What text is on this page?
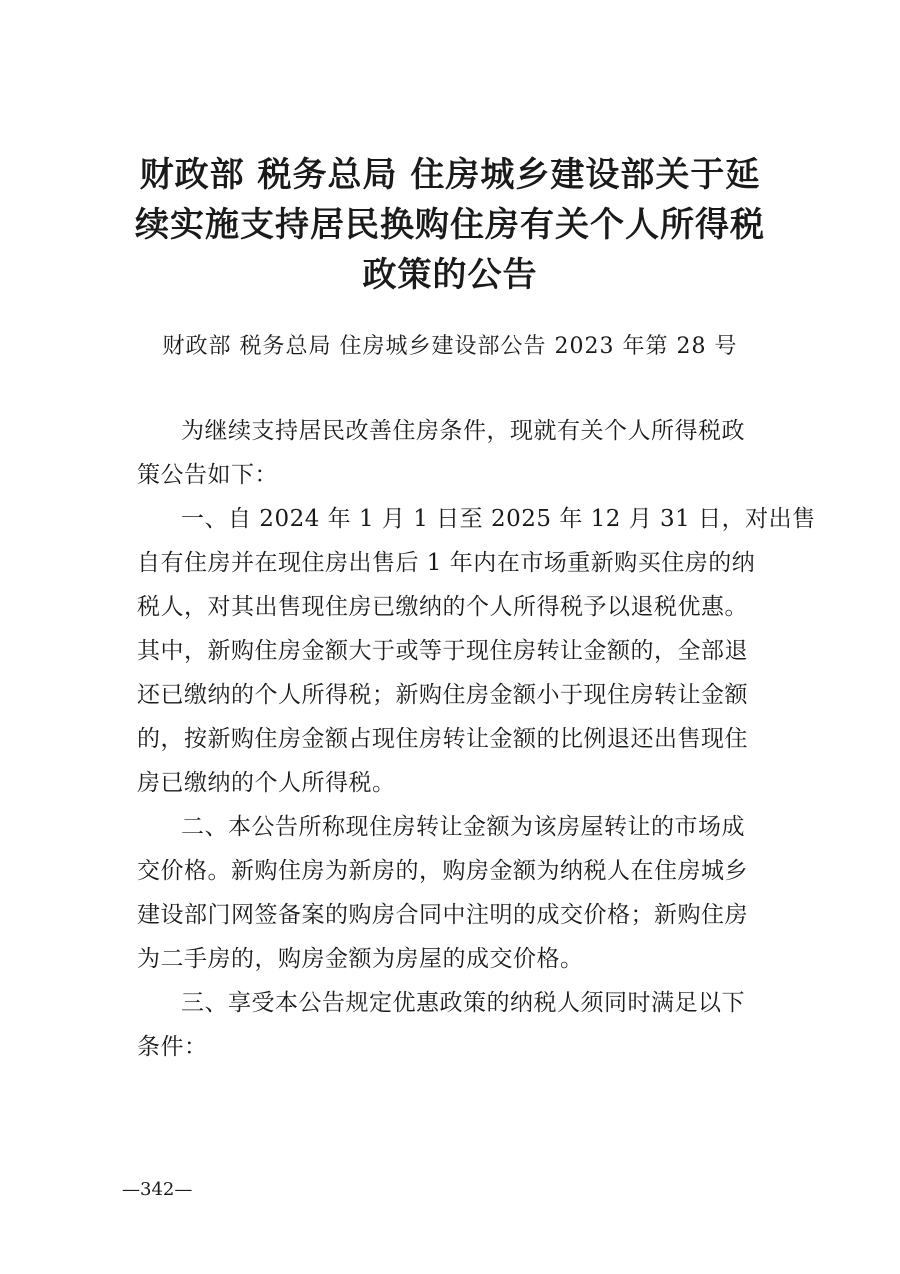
财政部 税务总局 住房城乡建设部关于延
续实施支持居民换购住房有关个人所得税
政策的公告

财政部 税务总局 住房城乡建设部公告 2023 年第 28 号

为继续支持居民改善住房条件，现就有关个人所得税政
策公告如下：
一、自 2024 年 1 月 1 日至 2025 年 12 月 31 日，对出售
自有住房并在现住房出售后 1 年内在市场重新购买住房的纳
税人，对其出售现住房已缴纳的个人所得税予以退税优惠。
其中，新购住房金额大于或等于现住房转让金额的，全部退
还已缴纳的个人所得税；新购住房金额小于现住房转让金额
的，按新购住房金额占现住房转让金额的比例退还出售现住
房已缴纳的个人所得税。
二、本公告所称现住房转让金额为该房屋转让的市场成
交价格。新购住房为新房的，购房金额为纳税人在住房城乡
建设部门网签备案的购房合同中注明的成交价格；新购住房
为二手房的，购房金额为房屋的成交价格。
三、享受本公告规定优惠政策的纳税人须同时满足以下
条件：
—342—
